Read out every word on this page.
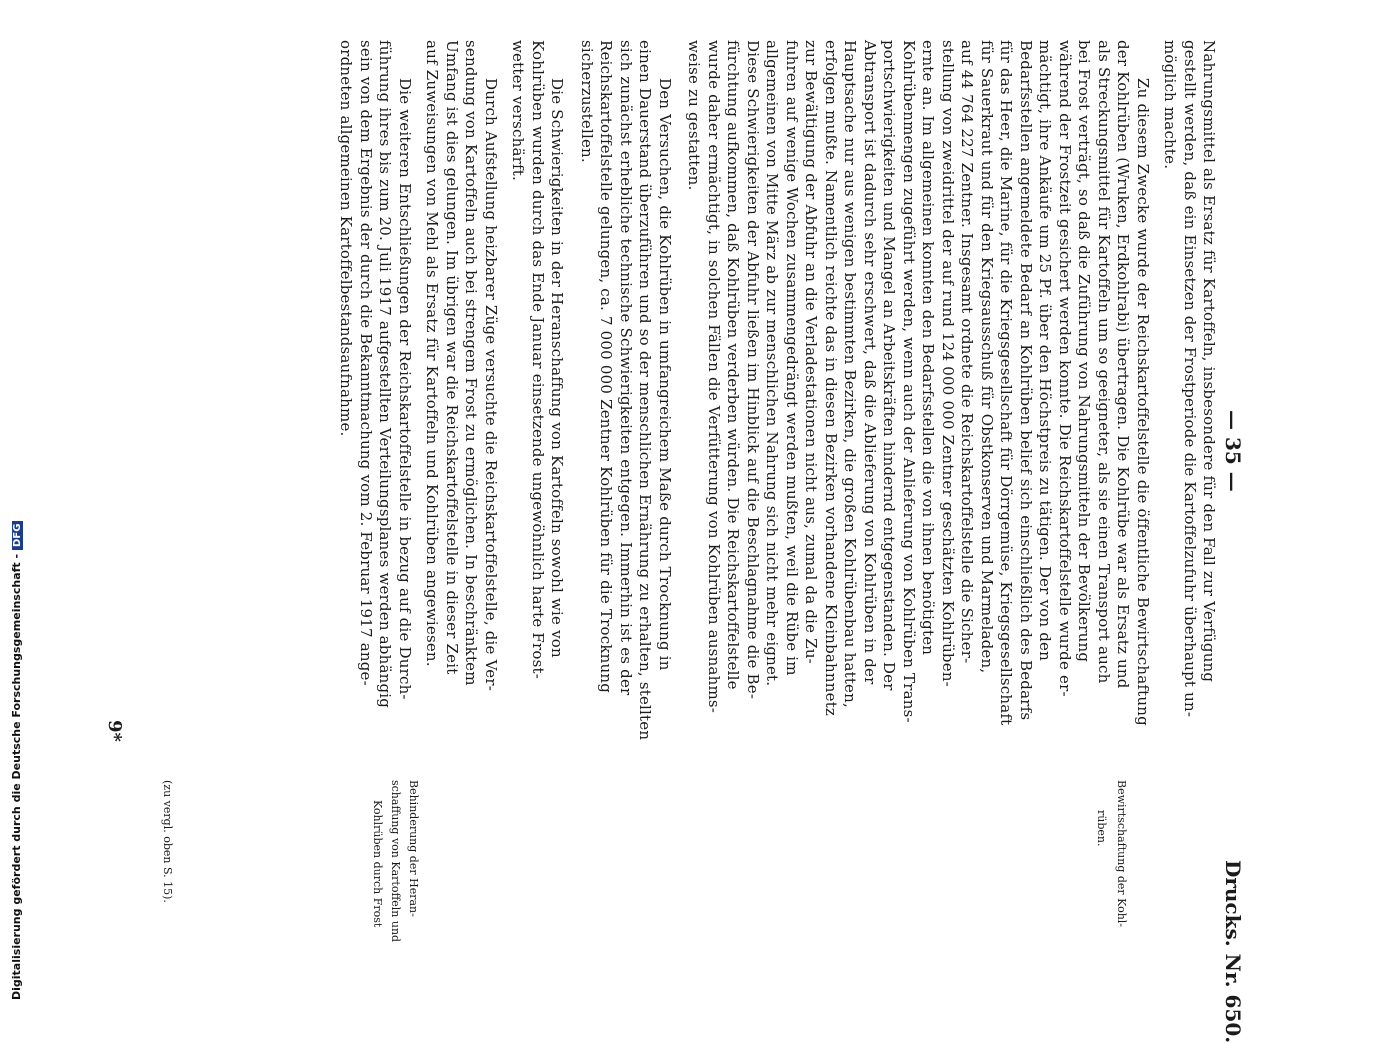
— 35 —
Drucks. Nr. 650.
Nahrungsmittel als Ersatz für Kartoffeln, insbesondere für den Fall zur Verfügung
gestellt werden, daß ein Einsetzen der Frostperiode die Kartoffelzufuhr überhaupt un-
möglich machte.
Zu diesem Zwecke wurde der Reichskartoffelstelle die öffentliche Bewirtschaftung
der Kohlrüben (Wruken, Erdkohlrabi) übertragen. Die Kohlrübe war als Ersatz und
als Streckungsmittel für Kartoffeln um so geeigneter, als sie einen Transport auch
bei Frost verträgt, so daß die Zuführung von Nahrungsmitteln der Bevölkerung
während der Frostzeit gesichert werden konnte. Die Reichskartoffelstelle wurde er-
mächtigt, ihre Ankäufe um 25 Pf. über den Höchstpreis zu tätigen. Der von den
Bedarfsstellen angemeldete Bedarf an Kohlrüben belief sich einschließlich des Bedarfs
für das Heer, die Marine, für die Kriegsgesellschaft für Dörrgemüse, Kriegsgesellschaft
für Sauerkraut und für den Kriegsausschuß für Obstkonserven und Marmeladen,
auf 44 764 227 Zentner. Insgesamt ordnete die Reichskartoffelstelle die Sicher-
stellung von zweidrittel der auf rund 124 000 000 Zentner geschätzten Kohlrüben-
ernte an. Im allgemeinen konnten den Bedarfsstellen die von ihnen benötigten
Kohlrübenmengen zugeführt werden, wenn auch der Anlieferung von Kohlrüben Trans-
portschwierigkeiten und Mangel an Arbeitskräften hindernd entgegenstanden. Der
Abtransport ist dadurch sehr erschwert, daß die Ablieferung von Kohlrüben in der
Hauptsache nur aus wenigen bestimmten Bezirken, die großen Kohlrübenbau hatten,
erfolgen mußte. Namentlich reichte das in diesen Bezirken vorhandene Kleinbahnnetz
zur Bewältigung der Abfuhr an die Verladestationen nicht aus, zumal da die Zu-
fuhren auf wenige Wochen zusammengedrängt werden mußten, weil die Rübe im
allgemeinen von Mitte März ab zur menschlichen Nahrung sich nicht mehr eignet.
Diese Schwierigkeiten der Abfuhr ließen im Hinblick auf die Beschlagnahme die Be-
fürchtung aufkommen, daß Kohlrüben verderben würden. Die Reichskartoffelstelle
wurde daher ermächtigt, in solchen Fällen die Verfütterung von Kohlrüben ausnahms-
weise zu gestatten.
Den Versuchen, die Kohlrüben in umfangreichem Maße durch Trocknung in
einen Dauerstand überzuführen und so der menschlichen Ernährung zu erhalten, stellten
sich zunächst erhebliche technische Schwierigkeiten entgegen. Immerhin ist es der
Reichskartoffelstelle gelungen, ca. 7 000 000 Zentner Kohlrüben für die Trocknung
sicherzustellen.
Die Schwierigkeiten in der Heranschaffung von Kartoffeln sowohl wie von
Kohlrüben wurden durch das Ende Januar einsetzende ungewöhnlich harte Frost-
wetter verschärft.
Durch Aufstellung heizbarer Züge versuchte die Reichskartoffelstelle, die Ver-
sendung von Kartoffeln auch bei strengem Frost zu ermöglichen. In beschränktem
Umfang ist dies gelungen. Im übrigen war die Reichskartoffelstelle in dieser Zeit
auf Zuweisungen von Mehl als Ersatz für Kartoffeln und Kohlrüben angewiesen.
Die weiteren Entschließungen der Reichskartoffelstelle in bezug auf die Durch-
führung ihres bis zum 20. Juli 1917 aufgestellten Verteilungsplanes werden abhängig
sein von dem Ergebnis der durch die Bekanntmachung vom 2. Februar 1917 ange-
ordneten allgemeinen Kartoffelbestandsaufnahme.
Bewirtschaftung der Kohl-
rüben.
Behinderung der Heran-
schaffung von Kartoffeln und
Kohlrüben durch Frost
(zu vergl. oben S. 15).
9*
Digitalisierung gefördert durch die Deutsche Forschungsgemeinschaft -DFG
